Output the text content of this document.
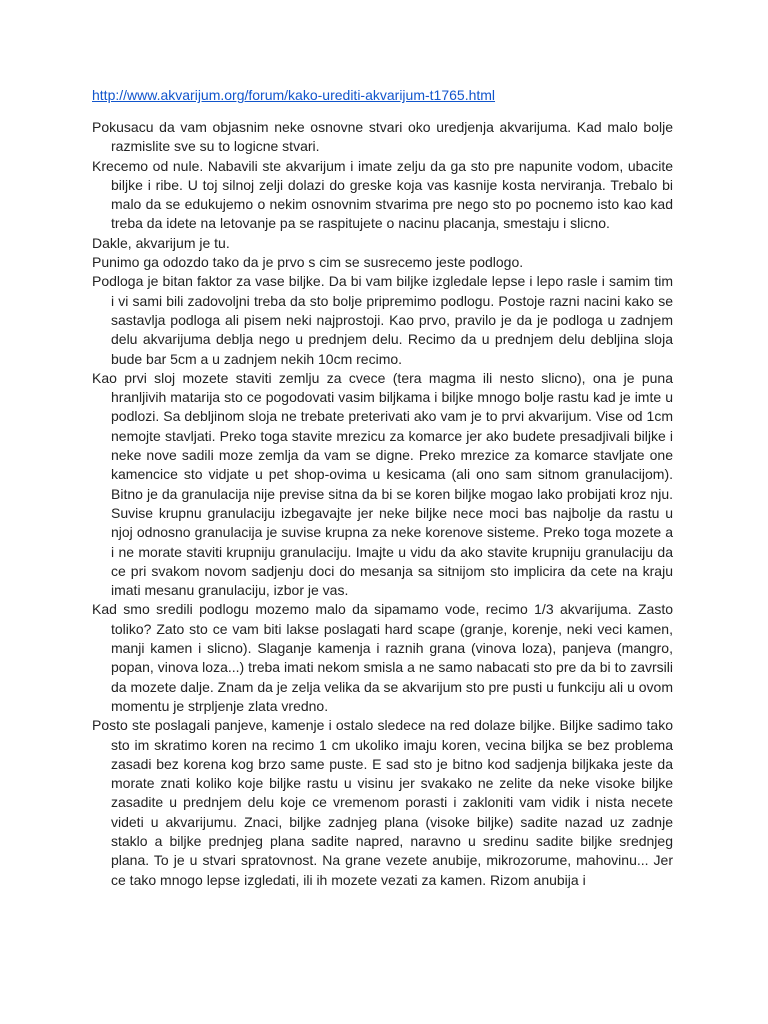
http://www.akvarijum.org/forum/kako-urediti-akvarijum-t1765.html

Pokusacu da vam objasnim neke osnovne stvari oko uredjenja akvarijuma. Kad malo bolje razmislite sve su to logicne stvari.

Krecemo od nule. Nabavili ste akvarijum i imate zelju da ga sto pre napunite vodom, ubacite biljke i ribe. U toj silnoj zelji dolazi do greske koja vas kasnije kosta nerviranja. Trebalo bi malo da se edukujemo o nekim osnovnim stvarima pre nego sto po pocnemo isto kao kad treba da idete na letovanje pa se raspitujete o nacinu placanja, smestaju i slicno.

Dakle, akvarijum je tu.

Punimo ga odozdo tako da je prvo s cim se susrecemo jeste podlogo.

Podloga je bitan faktor za vase biljke. Da bi vam biljke izgledale lepse i lepo rasle i samim tim i vi sami bili zadovoljni treba da sto bolje pripremimo podlogu. Postoje razni nacini kako se sastavlja podloga ali pisem neki najprostoji. Kao prvo, pravilo je da je podloga u zadnjem delu akvarijuma deblja nego u prednjem delu. Recimo da u prednjem delu debljina sloja bude bar 5cm a u zadnjem nekih 10cm recimo.

Kao prvi sloj mozete staviti zemlju za cvece (tera magma ili nesto slicno), ona je puna hranljivih matarija sto ce pogodovati vasim biljkama i biljke mnogo bolje rastu kad je imte u podlozi. Sa debljinom sloja ne trebate preterivati ako vam je to prvi akvarijum. Vise od 1cm nemojte stavljati. Preko toga stavite mrezicu za komarce jer ako budete presadjivali biljke i neke nove sadili moze zemlja da vam se digne. Preko mrezice za komarce stavljate one kamencice sto vidjate u pet shop-ovima u kesicama (ali ono sam sitnom granulacijom). Bitno je da granulacija nije previse sitna da bi se koren biljke mogao lako probijati kroz nju. Suvise krupnu granulaciju izbegavajte jer neke biljke nece moci bas najbolje da rastu u njoj odnosno granulacija je suvise krupna za neke korenove sisteme. Preko toga mozete a i ne morate staviti krupniju granulaciju. Imajte u vidu da ako stavite krupniju granulaciju da ce pri svakom novom sadjenju doci do mesanja sa sitnijom sto implicira da cete na kraju imati mesanu granulaciju, izbor je vas.

Kad smo sredili podlogu mozemo malo da sipamamo vode, recimo 1/3 akvarijuma. Zasto toliko? Zato sto ce vam biti lakse poslagati hard scape (granje, korenje, neki veci kamen, manji kamen i slicno). Slaganje kamenja i raznih grana (vinova loza), panjeva (mangro, popan, vinova loza...) treba imati nekom smisla a ne samo nabacati sto pre da bi to zavrsili da mozete dalje. Znam da je zelja velika da se akvarijum sto pre pusti u funkciju ali u ovom momentu je strpljenje zlata vredno.

Posto ste poslagali panjeve, kamenje i ostalo sledece na red dolaze biljke. Biljke sadimo tako sto im skratimo koren na recimo 1 cm ukoliko imaju koren, vecina biljka se bez problema zasadi bez korena kog brzo same puste. E sad sto je bitno kod sadjenja biljkaka jeste da morate znati koliko koje biljke rastu u visinu jer svakako ne zelite da neke visoke biljke zasadite u prednjem delu koje ce vremenom porasti i zakloniti vam vidik i nista necete videti u akvarijumu. Znaci, biljke zadnjeg plana (visoke biljke) sadite nazad uz zadnje staklo a biljke prednjeg plana sadite napred, naravno u sredinu sadite biljke srednjeg plana. To je u stvari spratovnost. Na grane vezete anubije, mikrozorume, mahovinu... Jer ce tako mnogo lepse izgledati, ili ih mozete vezati za kamen. Rizom anubija i
